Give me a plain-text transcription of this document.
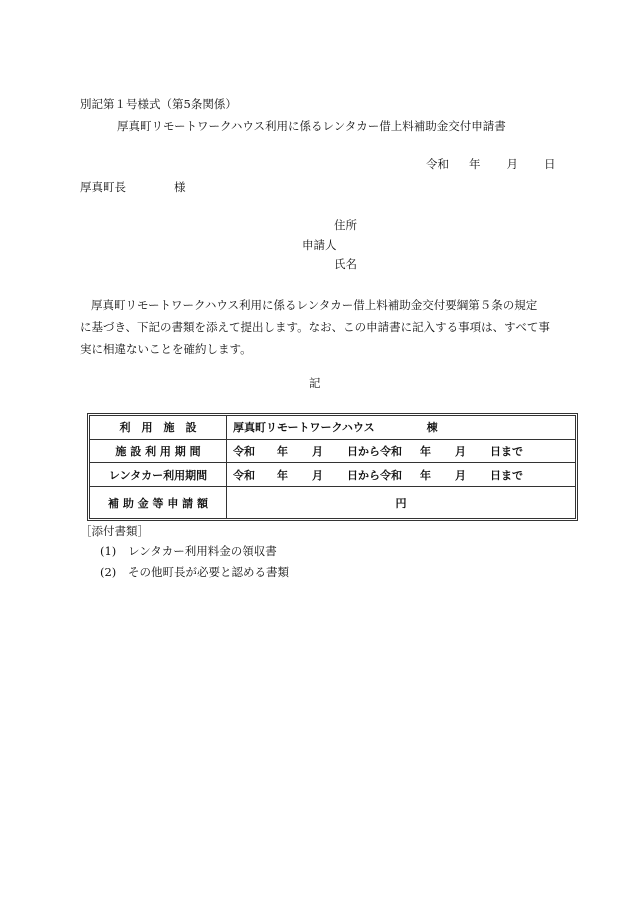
別記第１号様式（第5条関係）
厚真町リモートワークハウス利用に係るレンタカー借上料補助金交付申請書
令和 年 月 日
厚真町長	様
住所
申請人
氏名
厚真町リモートワークハウス利用に係るレンタカー借上料補助金交付要綱第５条の規定
に基づき、下記の書類を添えて提出します。なお、この申請書に記入する事項は、すべて事
実に相違ないことを確約します。
記
利　用　施　設	厚真町リモートワークハウス 棟
施 設 利 用 期 間	令和 年 月 日から令和 年 月 日まで
レンタカー利用期間	令和 年 月 日から令和 年 月 日まで
補 助 金 等 申 請 額	円
［添付書類］
(1) レンタカー利用料金の領収書
(2) その他町長が必要と認める書類
